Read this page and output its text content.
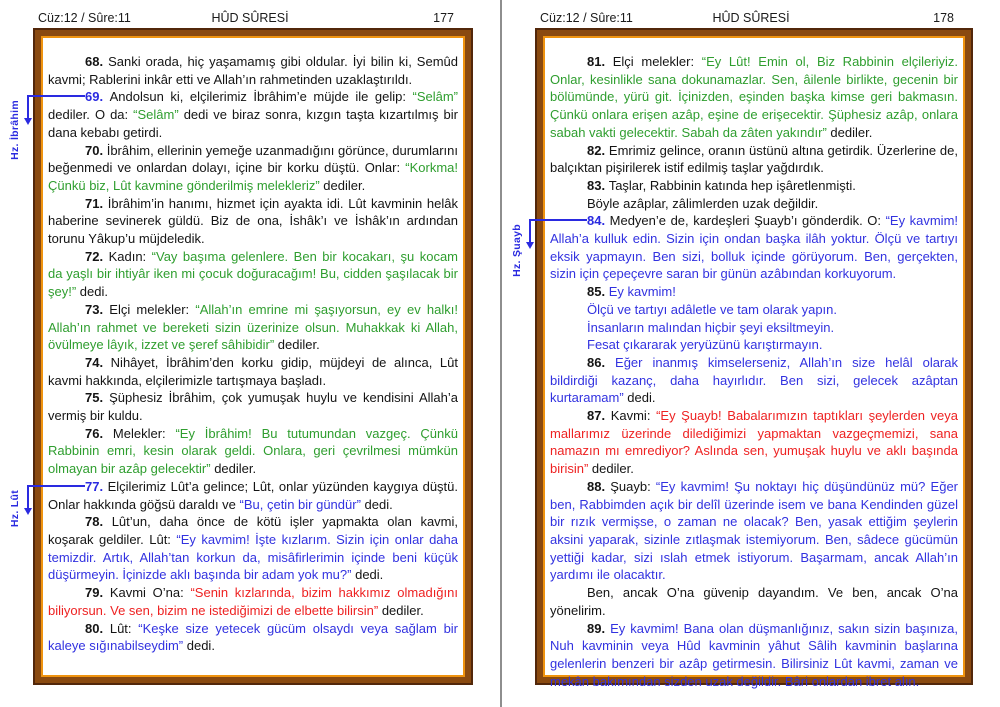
Cüz:12 / Sûre:11	HÛD SÛRESİ	177

68. Sanki orada, hiç yaşamamış gibi oldular. İyi bilin ki, Semûd kavmi; Rablerini inkâr etti ve Allah’ın rahmetinden uzaklaştırıldı.

Hz. İbrâhim
69. Andolsun ki, elçilerimiz İbrâhim’e müjde ile gelip: “Selâm” dediler. O da: “Selâm” dedi ve biraz sonra, kızgın taşta kızartılmış bir dana kebabı getirdi.

70. İbrâhim, ellerinin yemeğe uzanmadığını görünce, durumlarını beğenmedi ve onlardan dolayı, içine bir korku düştü. Onlar: “Korkma! Çünkü biz, Lût kavmine gönderilmiş melekleriz” dediler.

71. İbrâhim’in hanımı, hizmet için ayakta idi. Lût kavminin helâk haberine sevinerek güldü. Biz de ona, İshâk’ı ve İshâk’ın ardından torunu Yâkup’u müjdeledik.

72. Kadın: “Vay başıma gelenlere. Ben bir kocakarı, şu kocam da yaşlı bir ihtiyâr iken mi çocuk doğuracağım! Bu, cidden şaşılacak bir şey!” dedi.

73. Elçi melekler: “Allah’ın emrine mi şaşıyorsun, ey ev halkı! Allah’ın rahmet ve bereketi sizin üzerinize olsun. Muhakkak ki Allah, övülmeye lâyık, izzet ve şeref sâhibidir” dediler.

74. Nihâyet, İbrâhim’den korku gidip, müjdeyi de alınca, Lût kavmi hakkında, elçilerimizle tartışmaya başladı.

75. Şüphesiz İbrâhim, çok yumuşak huylu ve kendisini Allah’a vermiş bir kuldu.

76. Melekler: “Ey İbrâhim! Bu tutumundan vazgeç. Çünkü Rabbinin emri, kesin olarak geldi. Onlara, geri çevrilmesi mümkün olmayan bir azâp gelecektir” dediler.

Hz. Lût
77. Elçilerimiz Lût’a gelince; Lût, onlar yüzünden kaygıya düştü. Onlar hakkında göğsü daraldı ve “Bu, çetin bir gündür” dedi.

78. Lût’un, daha önce de kötü işler yapmakta olan kavmi, koşarak geldiler. Lût: “Ey kavmim! İşte kızlarım. Sizin için onlar daha temizdir. Artık, Allah’tan korkun da, misâfirlerimin içinde beni küçük düşürmeyin. İçinizde aklı başında bir adam yok mu?” dedi.

79. Kavmi O’na: “Senin kızlarında, bizim hakkımız olmadığını biliyorsun. Ve sen, bizim ne istediğimizi de elbette bilirsin” dediler.

80. Lût: “Keşke size yetecek gücüm olsaydı veya sağlam bir kaleye sığınabilseydim” dedi.

Cüz:12 / Sûre:11	HÛD SÛRESİ	178

81. Elçi melekler: “Ey Lût! Emin ol, Biz Rabbinin elçileriyiz. Onlar, kesinlikle sana dokunamazlar. Sen, âilenle birlikte, gecenin bir bölümünde, yürü git. İçinizden, eşinden başka kimse geri bakmasın. Çünkü onlara erişen azâp, eşine de erişecektir. Şüphesiz azâp, onlara sabah vakti gelecektir. Sabah da zâten yakındır” dediler.

82. Emrimiz gelince, oranın üstünü altına getirdik. Üzerlerine de, balçıktan pişirilerek istif edilmiş taşlar yağdırdık.

83. Taşlar, Rabbinin katında hep işâretlenmişti.

Böyle azâplar, zâlimlerden uzak değildir.

Hz. Şuayb
84. Medyen’e de, kardeşleri Şuayb’ı gönderdik. O: “Ey kavmim! Allah’a kulluk edin. Sizin için ondan başka ilâh yoktur. Ölçü ve tartıyı eksik yapmayın. Ben sizi, bolluk içinde görüyorum. Ben, gerçekten, sizin için çepeçevre saran bir günün azâbından korkuyorum.

85. Ey kavmim!

Ölçü ve tartıyı adâletle ve tam olarak yapın.

İnsanların malından hiçbir şeyi eksiltmeyin.

Fesat çıkararak yeryüzünü karıştırmayın.

86. Eğer inanmış kimselerseniz, Allah’ın size helâl olarak bildirdiği kazanç, daha hayırlıdır. Ben sizi, gelecek azâptan kurtaramam” dedi.

87. Kavmi: “Ey Şuayb! Babalarımızın taptıkları şeylerden veya mallarımız üzerinde dilediğimizi yapmaktan vazgeçmemizi, sana namazın mı emrediyor? Aslında sen, yumuşak huylu ve aklı başında birisin” dediler.

88. Şuayb: “Ey kavmim! Şu noktayı hiç düşündünüz mü? Eğer ben, Rabbimden açık bir delîl üzerinde isem ve bana Kendinden güzel bir rızık vermişse, o zaman ne olacak? Ben, yasak ettiğim şeylerin aksini yaparak, sizinle zıtlaşmak istemiyorum. Ben, sâdece gücümün yettiği kadar, sizi ıslah etmek istiyorum. Başarmam, ancak Allah’ın yardımı ile olacaktır.

Ben, ancak O’na güvenip dayandım. Ve ben, ancak O’na yönelirim.

89. Ey kavmim! Bana olan düşmanlığınız, sakın sizin başınıza, Nuh kavminin veya Hûd kavminin yâhut Sâlih kavminin başlarına gelenlerin benzeri bir azâp getirmesin. Bilirsiniz Lût kavmi, zaman ve mekân bakımından sizden uzak değildir. Bâri onlardan ibret alın.
